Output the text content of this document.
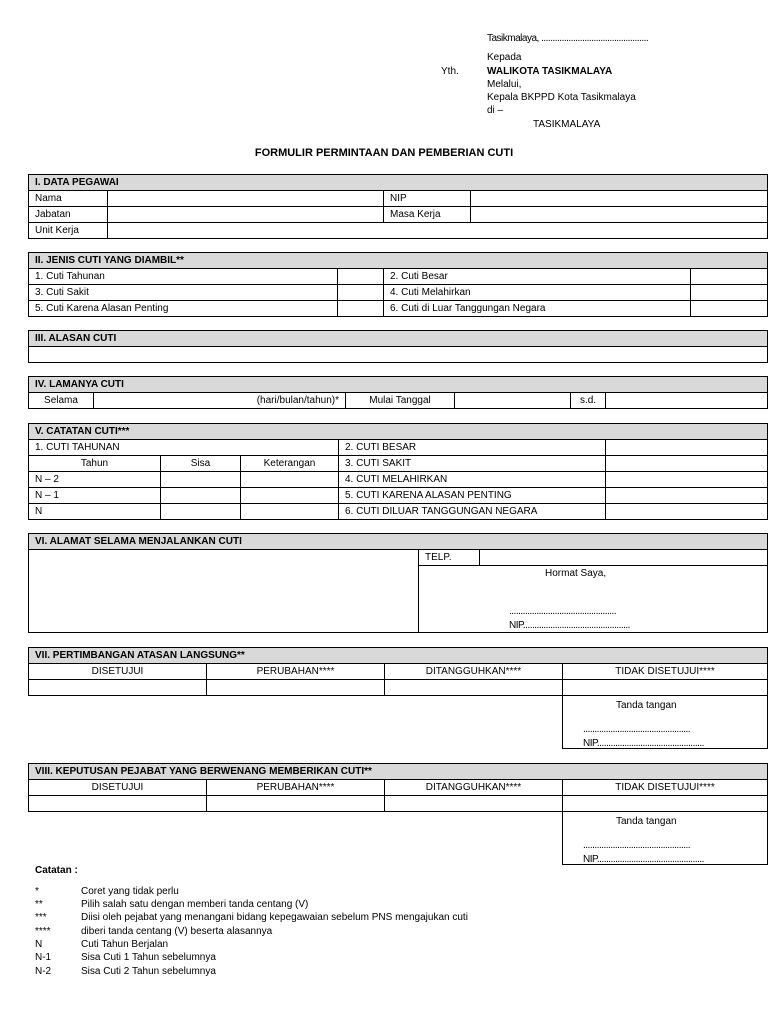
Tasikmalaya, ...............................................
Kepada
Yth.	WALIKOTA TASIKMALAYA
Melalui,
Kepala BKPPD Kota Tasikmalaya
di –
TASIKMALAYA
FORMULIR PERMINTAAN DAN PEMBERIAN CUTI
I. DATA PEGAWAI			
Nama		NIP	
Jabatan		Masa Kerja	
Unit Kerja			
II. JENIS CUTI YANG DIAMBIL**			
1. Cuti Tahunan		2. Cuti Besar	
3. Cuti Sakit		4. Cuti Melahirkan	
5. Cuti Karena Alasan Penting		6. Cuti di Luar Tanggungan Negara	
III. ALASAN CUTI

IV. LAMANYA CUTI
Selama	(hari/bulan/tahun)*	Mulai Tanggal		s.d.	
V. CATATAN CUTI***				
1. CUTI TAHUNAN			2. CUTI BESAR	
Tahun	Sisa	Keterangan	3. CUTI SAKIT	
N – 2			4. CUTI MELAHIRKAN	
N – 1			5. CUTI KARENA ALASAN PENTING	
N			6. CUTI DILUAR TANGGUNGAN NEGARA	
VI. ALAMAT SELAMA MENJALANKAN CUTI
	TELP.	

Hormat Saya,
...............................................
NIP...............................................
VII. PERTIMBANGAN ATASAN LANGSUNG**			
DISETUJUI	PERUBAHAN****	DITANGGUHKAN****	TIDAK DISETUJUI****

			Tanda tangan
...............................................
NIP...............................................
VIII. KEPUTUSAN PEJABAT YANG BERWENANG MEMBERIKAN CUTI**			
DISETUJUI	PERUBAHAN****	DITANGGUHKAN****	TIDAK DISETUJUI****

			Tanda tangan
...............................................
NIP...............................................
Catatan :
*	Coret yang tidak perlu
**	Pilih salah satu dengan memberi tanda centang (V)
***	Diisi oleh pejabat yang menangani bidang kepegawaian sebelum PNS mengajukan cuti
****	diberi tanda centang (V) beserta alasannya
N	Cuti Tahun Berjalan
N-1	Sisa Cuti 1 Tahun sebelumnya
N-2	Sisa Cuti 2 Tahun sebelumnya
